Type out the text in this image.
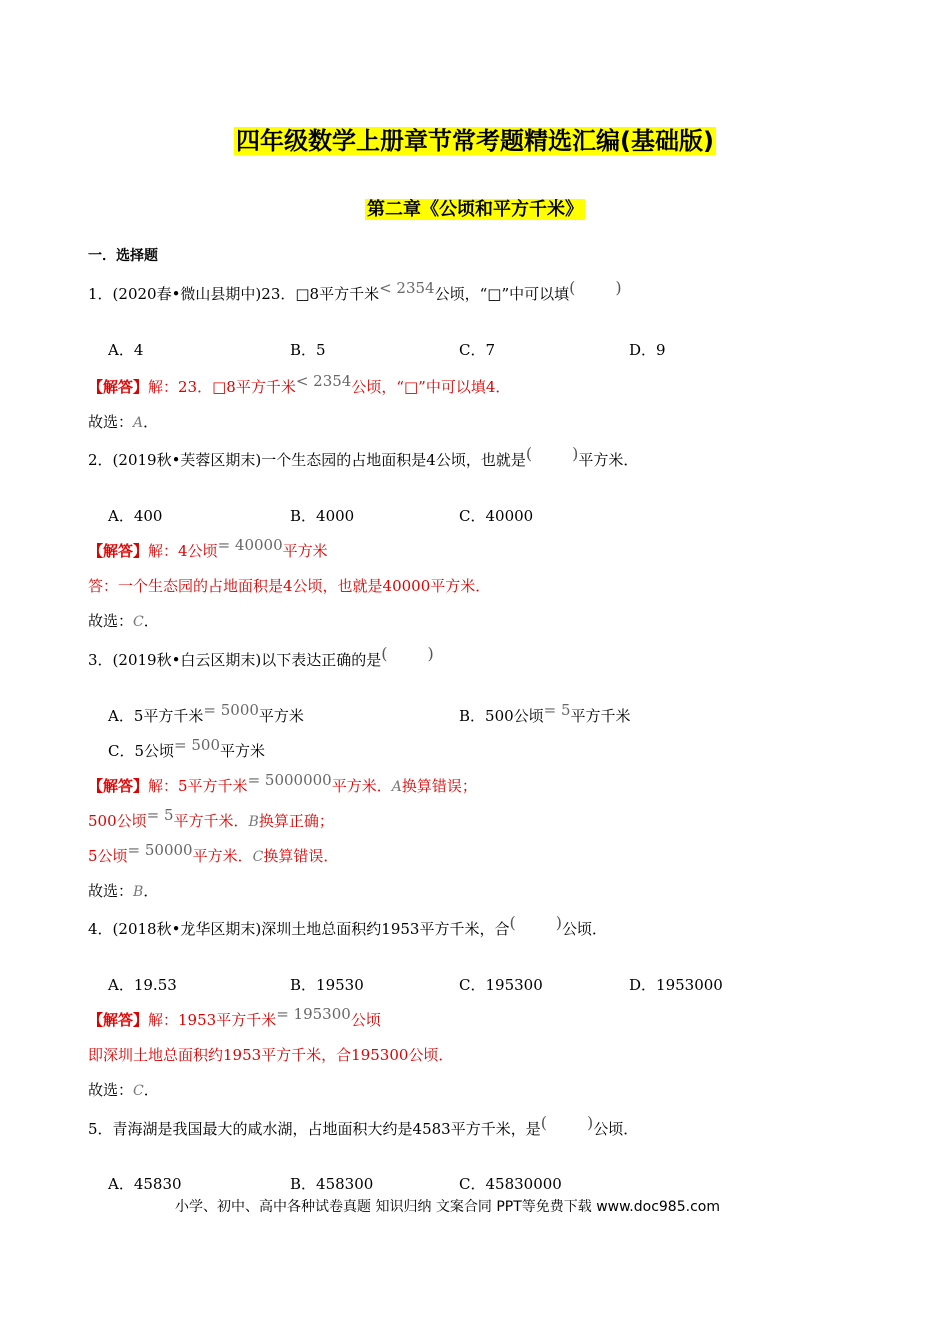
四年级数学上册章节常考题精选汇编(基础版)
第二章《公顷和平方千米》
一．选择题
1．(2020春•微山县期中)23．□8平方千米< 2354公顷，“□”中可以填(	)
A．4	B．5	C．7	D．9
【解答】解：23．□8平方千米< 2354公顷，“□”中可以填4．
故选：A．
2．(2019秋•芙蓉区期末)一个生态园的占地面积是4公顷，也就是(	)平方米．
A．400	B．4000	C．40000
【解答】解：4公顷= 40000平方米
答：一个生态园的占地面积是4公顷，也就是40000平方米．
故选：C．
3．(2019秋•白云区期末)以下表达正确的是(	)
A．5平方千米= 5000平方米	B．500公顷= 5平方千米
C．5公顷= 500平方米
【解答】解：5平方千米= 5000000平方米．A换算错误；
500公顷= 5平方千米．B换算正确；
5公顷= 50000平方米．C换算错误．
故选：B．
4．(2018秋•龙华区期末)深圳土地总面积约1953平方千米，合(	)公顷．
A．19.53	B．19530	C．195300	D．1953000
【解答】解：1953平方千米= 195300公顷
即深圳土地总面积约1953平方千米，合195300公顷．
故选：C．
5．青海湖是我国最大的咸水湖，占地面积大约是4583平方千米，是(	)公顷．
A．45830	B．458300	C．45830000
小学、初中、高中各种试卷真题 知识归纳 文案合同 PPT等免费下载 www.doc985.com
